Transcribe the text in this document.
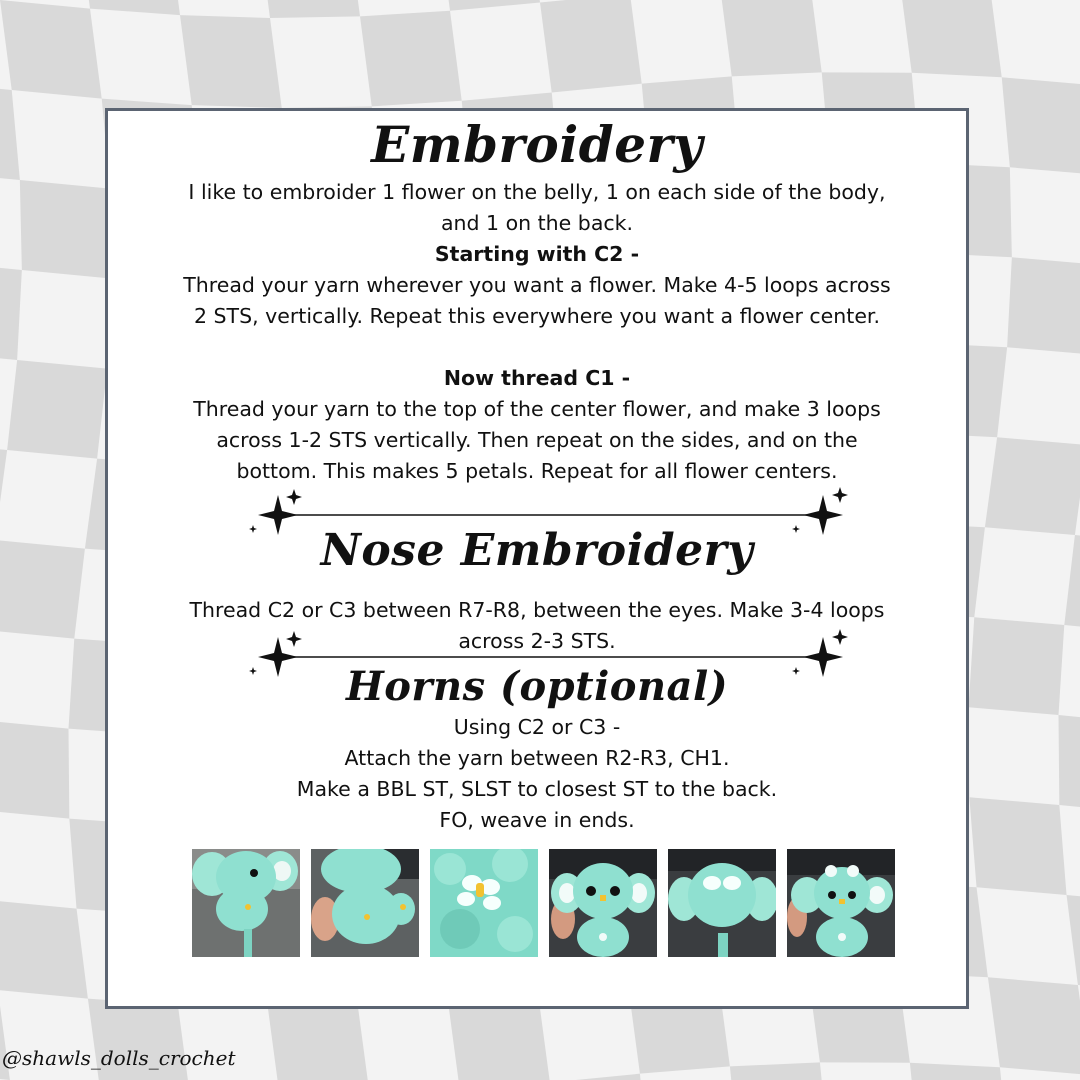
Embroidery
I like to embroider 1 flower on the belly, 1 on each side of the body,
and 1 on the back.
Starting with C2 -
Thread your yarn wherever you want a flower. Make 4-5 loops across
2 STS, vertically. Repeat this everywhere you want a flower center.

Now thread C1 -
Thread your yarn to the top of the center flower, and make 3 loops
across 1-2 STS vertically. Then repeat on the sides, and on the
bottom. This makes 5 petals. Repeat for all flower centers.
Nose Embroidery
Thread C2 or C3 between R7-R8, between the eyes. Make 3-4 loops
across 2-3 STS.
Horns (optional)
Using C2 or C3 -
Attach the yarn between R2-R3, CH1.
Make a BBL ST, SLST to closest ST to the back.
FO, weave in ends.
@shawls_dolls_crochet
